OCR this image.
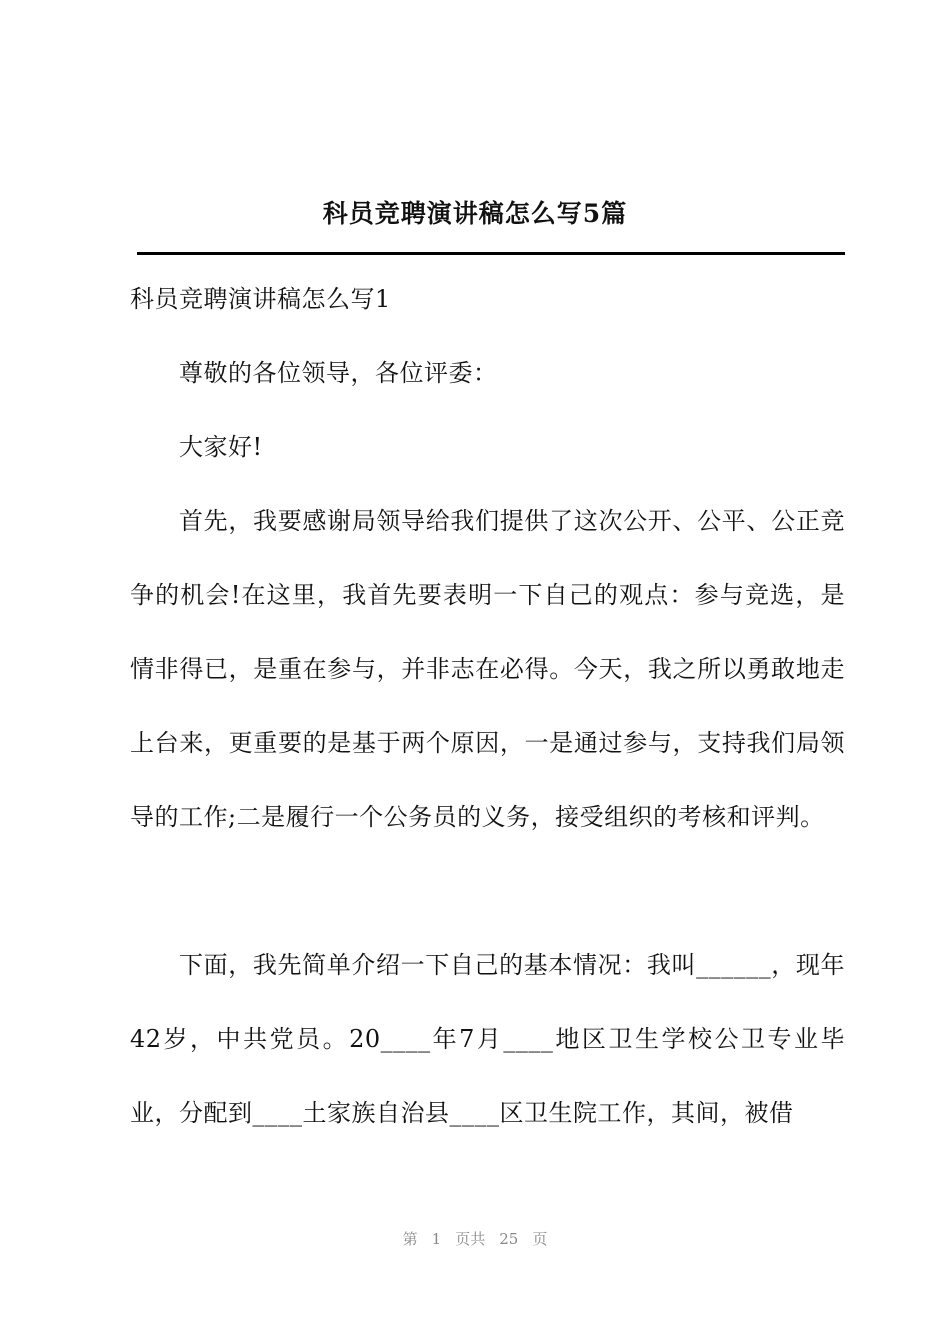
科员竞聘演讲稿怎么写5篇

科员竞聘演讲稿怎么写1

尊敬的各位领导，各位评委：

大家好!

首先，我要感谢局领导给我们提供了这次公开、公平、公正竞争的机会!在这里，我首先要表明一下自己的观点：参与竞选，是情非得已，是重在参与，并非志在必得。今天，我之所以勇敢地走上台来，更重要的是基于两个原因，一是通过参与，支持我们局领导的工作;二是履行一个公务员的义务，接受组织的考核和评判。

下面，我先简单介绍一下自己的基本情况：我叫______，现年42岁，中共党员。20____年7月____地区卫生学校公卫专业毕业，分配到____土家族自治县____区卫生院工作，其间，被借

第 1 页共 25 页
